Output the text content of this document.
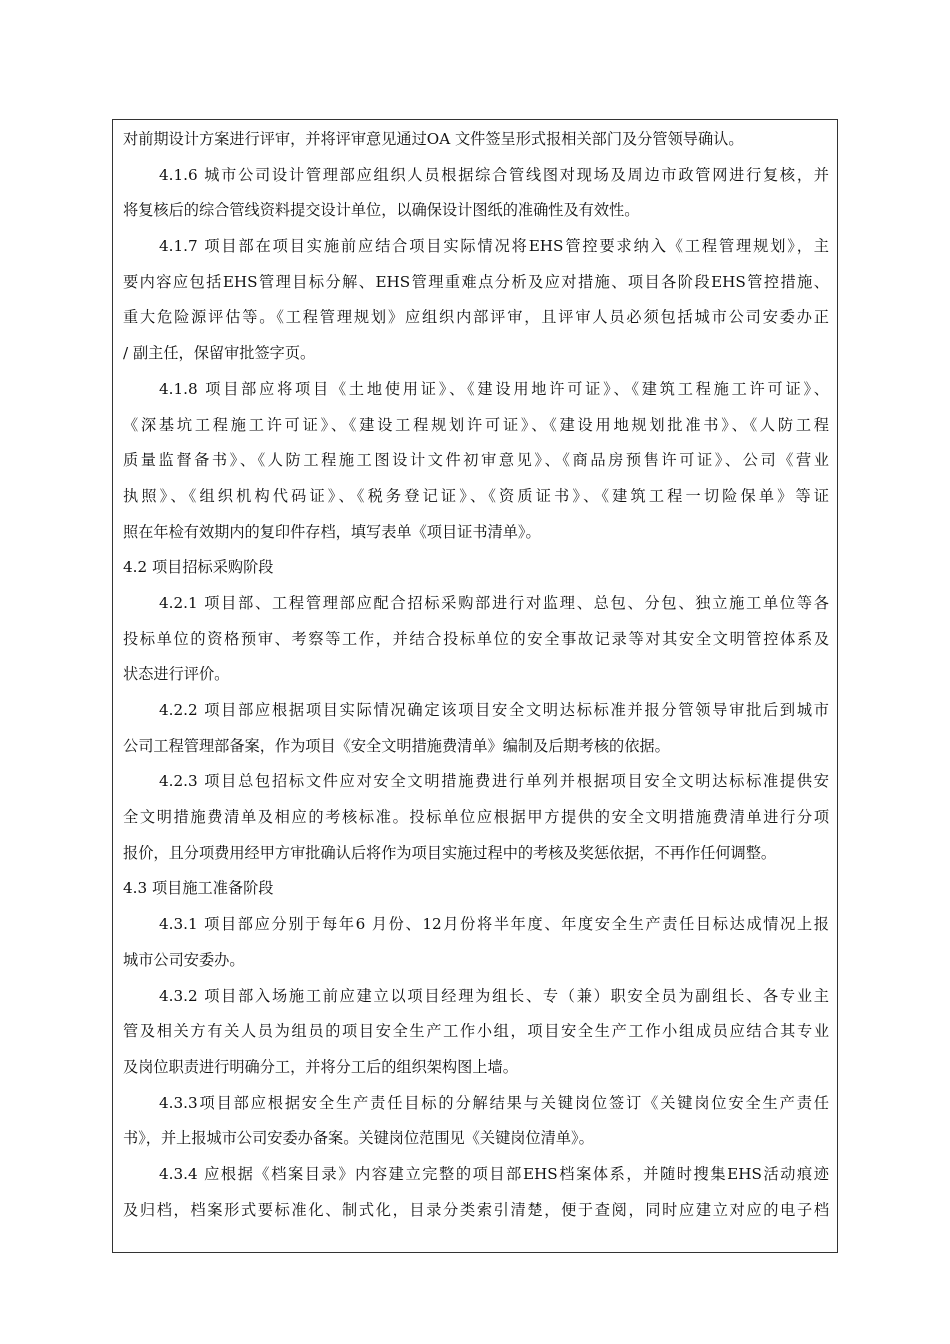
对前期设计方案进行评审，并将评审意见通过OA 文件签呈形式报相关部门及分管领导确认。
4.1.6 城市公司设计管理部应组织人员根据综合管线图对现场及周边市政管网进行复核，并
将复核后的综合管线资料提交设计单位，以确保设计图纸的准确性及有效性。
4.1.7 项目部在项目实施前应结合项目实际情况将EHS管控要求纳入《工程管理规划》，主
要内容应包括EHS管理目标分解、EHS管理重难点分析及应对措施、项目各阶段EHS管控措施、
重大危险源评估等。《工程管理规划》应组织内部评审，且评审人员必须包括城市公司安委办正
/ 副主任，保留审批签字页。
4.1.8 项目部应将项目《土地使用证》、《建设用地许可证》、《建筑工程施工许可证》、
《深基坑工程施工许可证》、《建设工程规划许可证》、《建设用地规划批准书》、《人防工程
质量监督备书》、《人防工程施工图设计文件初审意见》、《商品房预售许可证》、公司《营业
执照》、《组织机构代码证》、《税务登记证》、《资质证书》、《建筑工程一切险保单》等证
照在年检有效期内的复印件存档，填写表单《项目证书清单》。
4.2 项目招标采购阶段
4.2.1 项目部、工程管理部应配合招标采购部进行对监理、总包、分包、独立施工单位等各
投标单位的资格预审、考察等工作，并结合投标单位的安全事故记录等对其安全文明管控体系及
状态进行评价。
4.2.2 项目部应根据项目实际情况确定该项目安全文明达标标准并报分管领导审批后到城市
公司工程管理部备案，作为项目《安全文明措施费清单》编制及后期考核的依据。
4.2.3 项目总包招标文件应对安全文明措施费进行单列并根据项目安全文明达标标准提供安
全文明措施费清单及相应的考核标准。投标单位应根据甲方提供的安全文明措施费清单进行分项
报价，且分项费用经甲方审批确认后将作为项目实施过程中的考核及奖惩依据，不再作任何调整。
4.3 项目施工准备阶段
4.3.1 项目部应分别于每年6 月份、12月份将半年度、年度安全生产责任目标达成情况上报
城市公司安委办。
4.3.2 项目部入场施工前应建立以项目经理为组长、专（兼）职安全员为副组长、各专业主
管及相关方有关人员为组员的项目安全生产工作小组，项目安全生产工作小组成员应结合其专业
及岗位职责进行明确分工，并将分工后的组织架构图上墙。
4.3.3项目部应根据安全生产责任目标的分解结果与关键岗位签订《关键岗位安全生产责任
书》，并上报城市公司安委办备案。关键岗位范围见《关键岗位清单》。
4.3.4 应根据《档案目录》内容建立完整的项目部EHS档案体系，并随时搜集EHS活动痕迹
及归档，档案形式要标准化、制式化，目录分类索引清楚，便于查阅，同时应建立对应的电子档
